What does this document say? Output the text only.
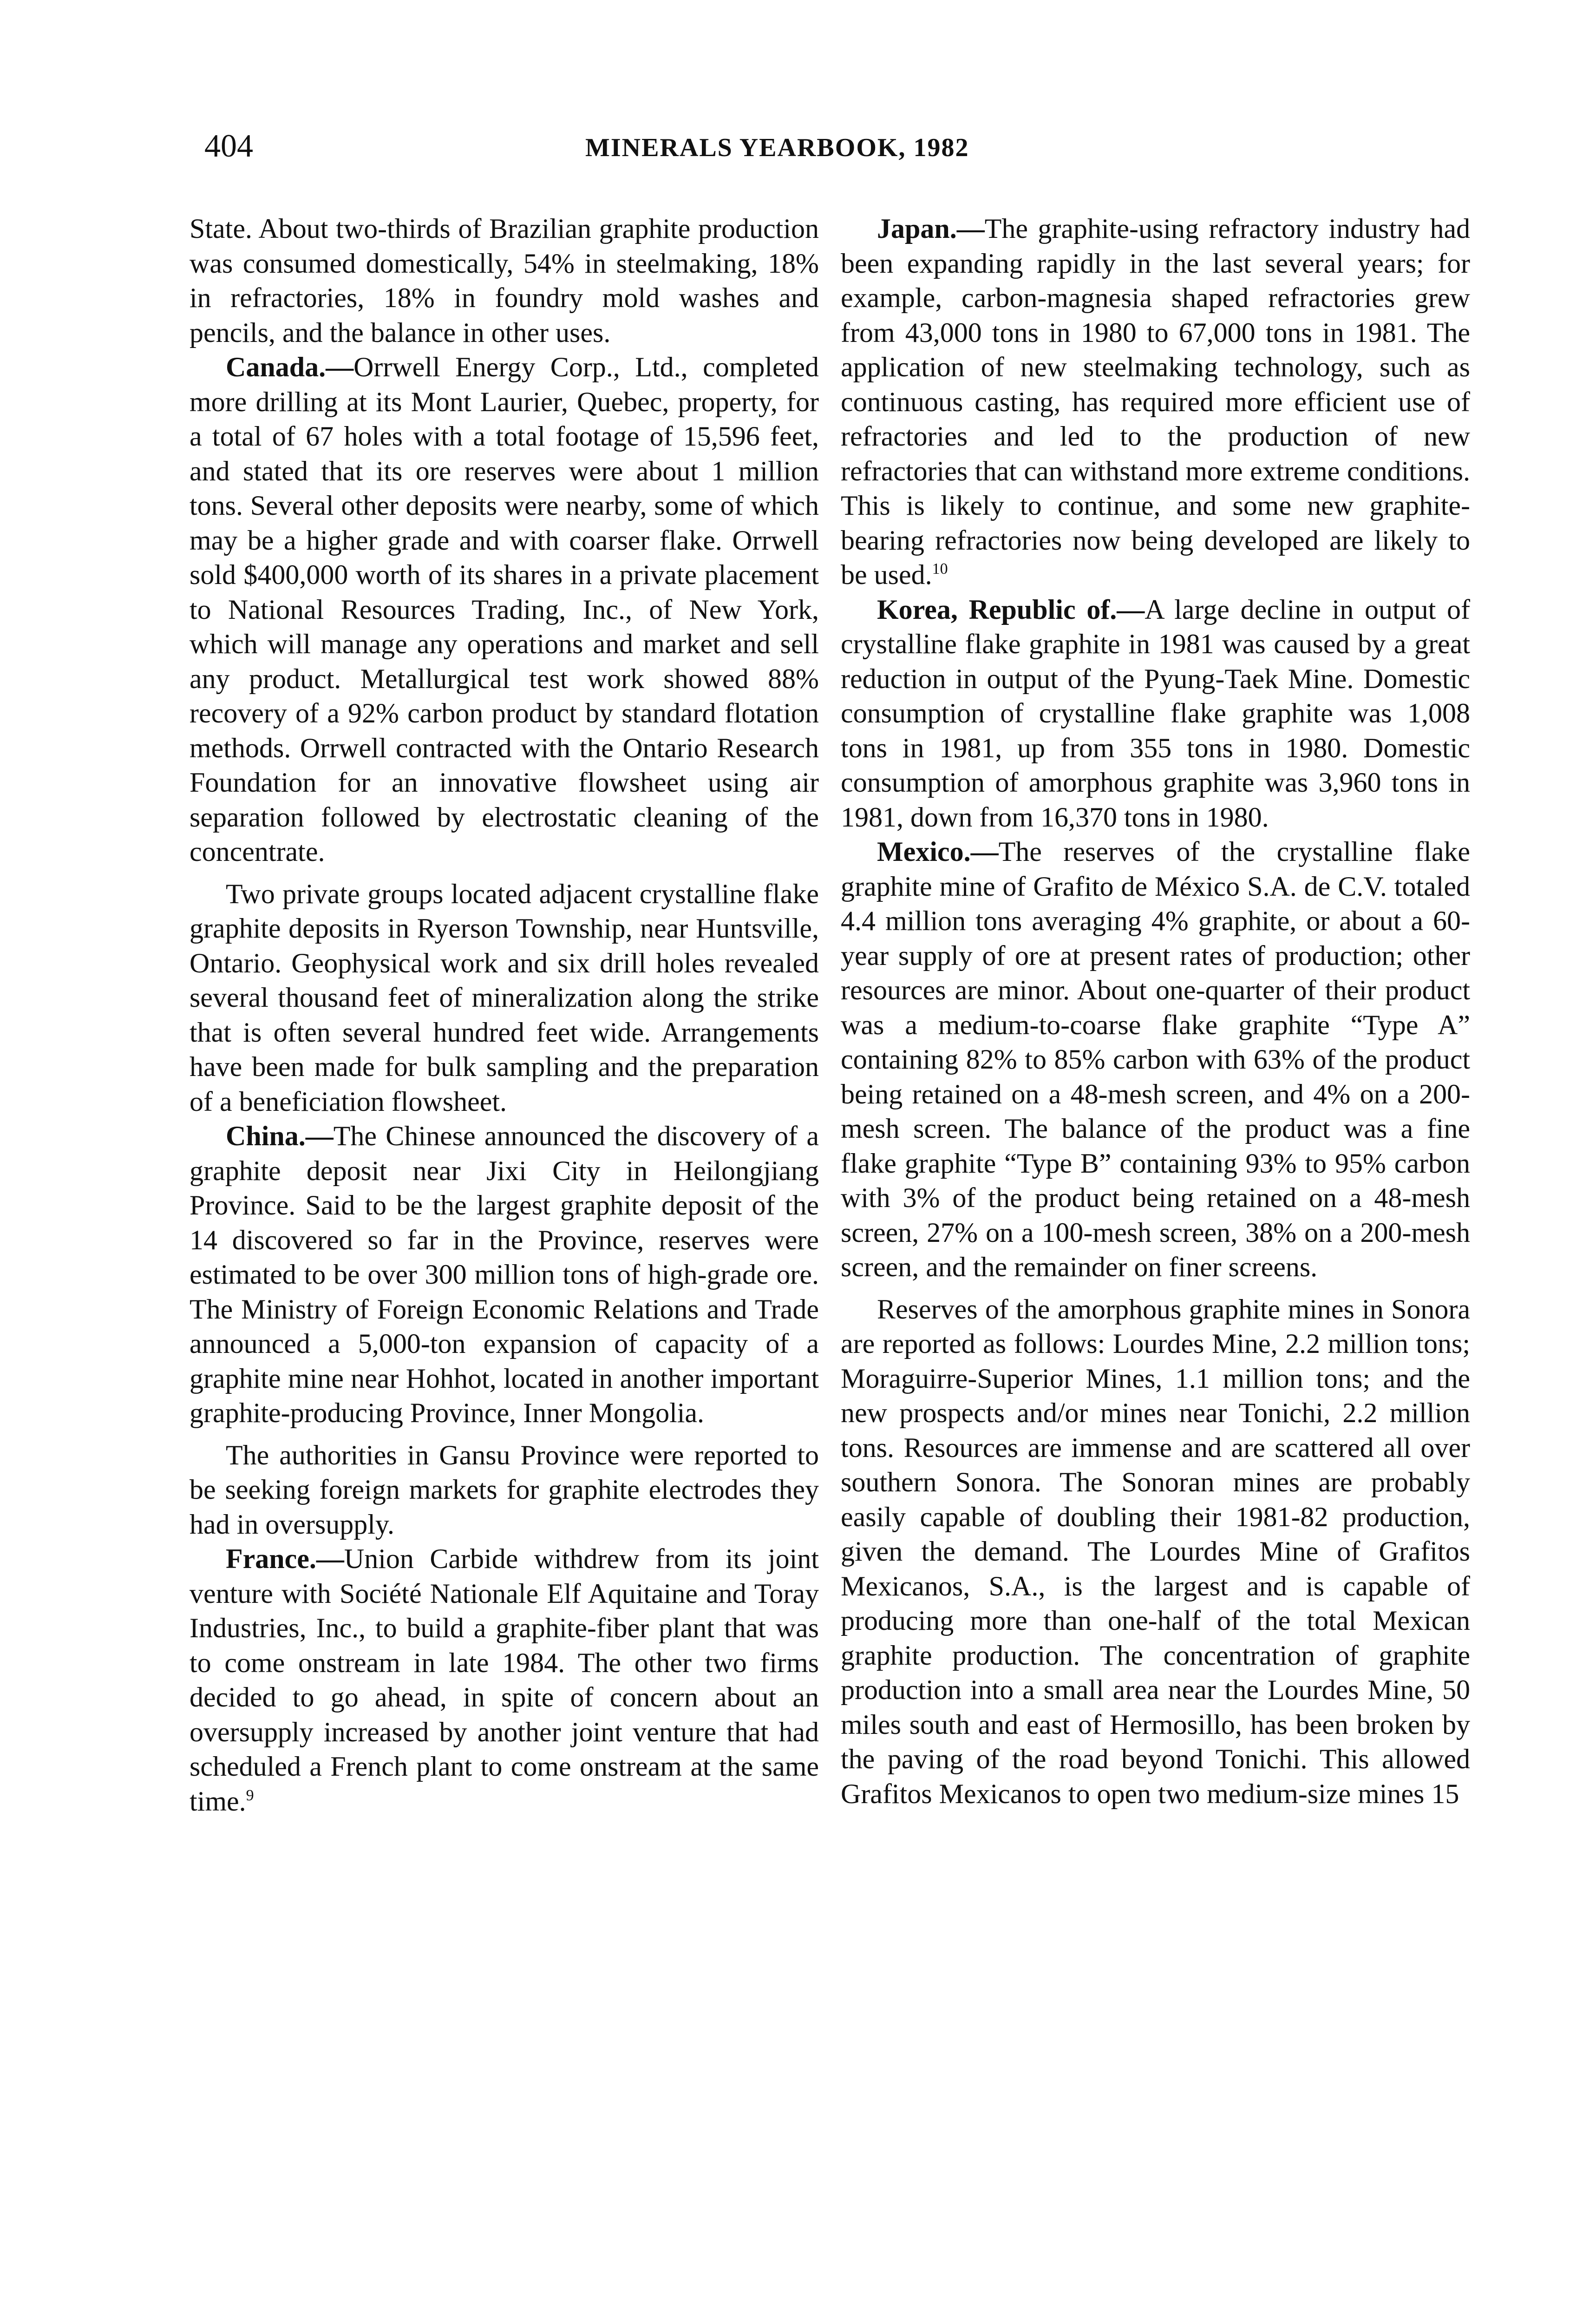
404	MINERALS YEARBOOK, 1982

State. About two-thirds of Brazilian graphite production was consumed domestically, 54% in steelmaking, 18% in refractories, 18% in foundry mold washes and pencils, and the balance in other uses.

Canada.—Orrwell Energy Corp., Ltd., completed more drilling at its Mont Laurier, Quebec, property, for a total of 67 holes with a total footage of 15,596 feet, and stated that its ore reserves were about 1 million tons. Several other deposits were nearby, some of which may be a higher grade and with coarser flake. Orrwell sold $400,000 worth of its shares in a private placement to National Resources Trading, Inc., of New York, which will manage any operations and market and sell any product. Metallurgical test work showed 88% recovery of a 92% carbon product by standard flotation methods. Orrwell contracted with the Ontario Research Foundation for an innovative flowsheet using air separation followed by electrostatic cleaning of the concentrate.

Two private groups located adjacent crystalline flake graphite deposits in Ryerson Township, near Huntsville, Ontario. Geophysical work and six drill holes revealed several thousand feet of mineralization along the strike that is often several hundred feet wide. Arrangements have been made for bulk sampling and the preparation of a beneficiation flowsheet.

China.—The Chinese announced the discovery of a graphite deposit near Jixi City in Heilongjiang Province. Said to be the largest graphite deposit of the 14 discovered so far in the Province, reserves were estimated to be over 300 million tons of high-grade ore. The Ministry of Foreign Economic Relations and Trade announced a 5,000-ton expansion of capacity of a graphite mine near Hohhot, located in another important graphite-producing Province, Inner Mongolia.

The authorities in Gansu Province were reported to be seeking foreign markets for graphite electrodes they had in oversupply.

France.—Union Carbide withdrew from its joint venture with Société Nationale Elf Aquitaine and Toray Industries, Inc., to build a graphite-fiber plant that was to come onstream in late 1984. The other two firms decided to go ahead, in spite of concern about an oversupply increased by another joint venture that had scheduled a French plant to come onstream at the same time.$^9$

Japan.—The graphite-using refractory industry had been expanding rapidly in the last several years; for example, carbon-magnesia shaped refractories grew from 43,000 tons in 1980 to 67,000 tons in 1981. The application of new steelmaking technology, such as continuous casting, has required more efficient use of refractories and led to the production of new refractories that can withstand more extreme conditions. This is likely to continue, and some new graphite-bearing refractories now being developed are likely to be used.$^{10}$

Korea, Republic of.—A large decline in output of crystalline flake graphite in 1981 was caused by a great reduction in output of the Pyung-Taek Mine. Domestic consumption of crystalline flake graphite was 1,008 tons in 1981, up from 355 tons in 1980. Domestic consumption of amorphous graphite was 3,960 tons in 1981, down from 16,370 tons in 1980.

Mexico.—The reserves of the crystalline flake graphite mine of Grafito de México S.A. de C.V. totaled 4.4 million tons averaging 4% graphite, or about a 60-year supply of ore at present rates of production; other resources are minor. About one-quarter of their product was a medium-to-coarse flake graphite “Type A” containing 82% to 85% carbon with 63% of the product being retained on a 48-mesh screen, and 4% on a 200-mesh screen. The balance of the product was a fine flake graphite “Type B” containing 93% to 95% carbon with 3% of the product being retained on a 48-mesh screen, 27% on a 100-mesh screen, 38% on a 200-mesh screen, and the remainder on finer screens.

Reserves of the amorphous graphite mines in Sonora are reported as follows: Lourdes Mine, 2.2 million tons; Moraguirre-Superior Mines, 1.1 million tons; and the new prospects and/or mines near Tonichi, 2.2 million tons. Resources are immense and are scattered all over southern Sonora. The Sonoran mines are probably easily capable of doubling their 1981-82 production, given the demand. The Lourdes Mine of Grafitos Mexicanos, S.A., is the largest and is capable of producing more than one-half of the total Mexican graphite production. The concentration of graphite production into a small area near the Lourdes Mine, 50 miles south and east of Hermosillo, has been broken by the paving of the road beyond Tonichi. This allowed Grafitos Mexicanos to open two medium-size mines 15
